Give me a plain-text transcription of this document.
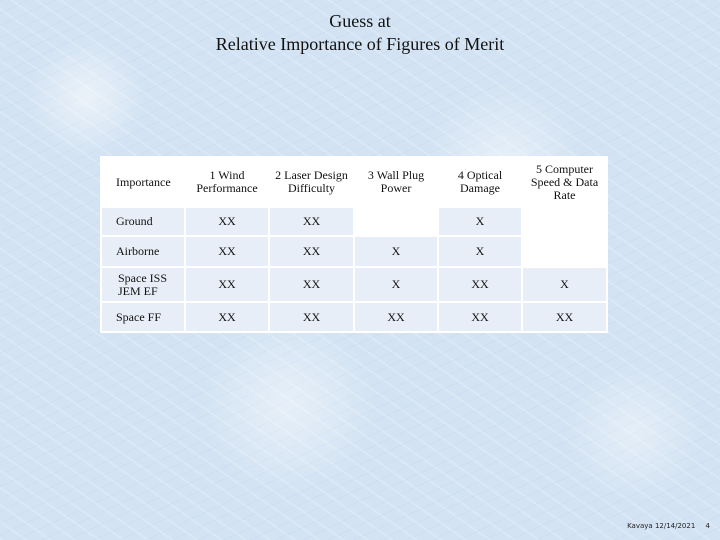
Guess at
Relative Importance of Figures of Merit
Importance	1 Wind Performance	2 Laser Design Difficulty	3 Wall Plug Power	4 Optical Damage	5 Computer Speed & Data Rate
Ground	XX	XX		X	
Airborne	XX	XX	X	X	
Space ISS JEM EF	XX	XX	X	XX	X
Space FF	XX	XX	XX	XX	XX
Kavaya 12/14/2021 4
